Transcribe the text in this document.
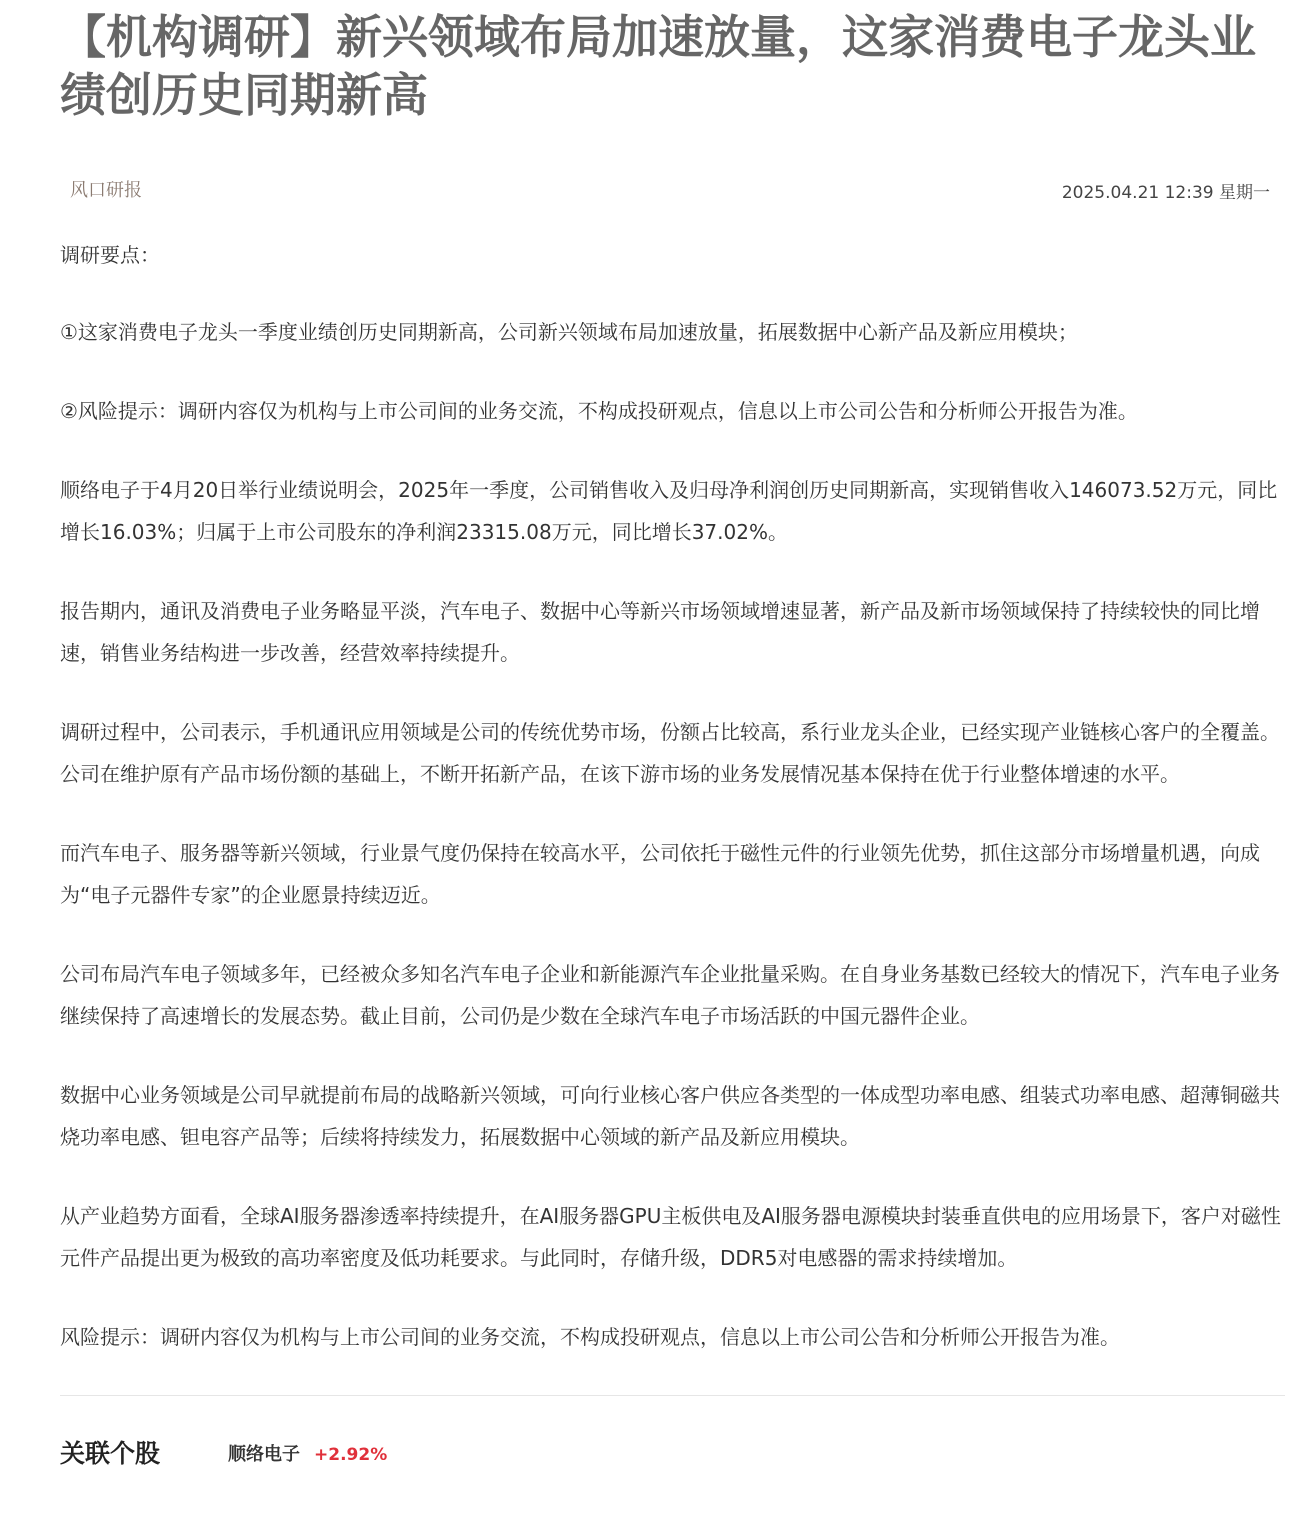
【机构调研】新兴领域布局加速放量，这家消费电子龙头业绩创历史同期新高
风口研报	2025.04.21 12:39 星期一

调研要点：

①这家消费电子龙头一季度业绩创历史同期新高，公司新兴领域布局加速放量，拓展数据中心新产品及新应用模块；

②风险提示：调研内容仅为机构与上市公司间的业务交流，不构成投研观点，信息以上市公司公告和分析师公开报告为准。

顺络电子于4月20日举行业绩说明会，2025年一季度，公司销售收入及归母净利润创历史同期新高，实现销售收入146073.52万元，同比增长16.03%；归属于上市公司股东的净利润23315.08万元，同比增长37.02%。

报告期内，通讯及消费电子业务略显平淡，汽车电子、数据中心等新兴市场领域增速显著，新产品及新市场领域保持了持续较快的同比增速，销售业务结构进一步改善，经营效率持续提升。

调研过程中，公司表示，手机通讯应用领域是公司的传统优势市场，份额占比较高，系行业龙头企业，已经实现产业链核心客户的全覆盖。公司在维护原有产品市场份额的基础上，不断开拓新产品，在该下游市场的业务发展情况基本保持在优于行业整体增速的水平。

而汽车电子、服务器等新兴领域，行业景气度仍保持在较高水平，公司依托于磁性元件的行业领先优势，抓住这部分市场增量机遇，向成为“电子元器件专家”的企业愿景持续迈近。

公司布局汽车电子领域多年，已经被众多知名汽车电子企业和新能源汽车企业批量采购。在自身业务基数已经较大的情况下，汽车电子业务继续保持了高速增长的发展态势。截止目前，公司仍是少数在全球汽车电子市场活跃的中国元器件企业。

数据中心业务领域是公司早就提前布局的战略新兴领域，可向行业核心客户供应各类型的一体成型功率电感、组装式功率电感、超薄铜磁共烧功率电感、钽电容产品等；后续将持续发力，拓展数据中心领域的新产品及新应用模块。

从产业趋势方面看，全球AI服务器渗透率持续提升，在AI服务器GPU主板供电及AI服务器电源模块封装垂直供电的应用场景下，客户对磁性元件产品提出更为极致的高功率密度及低功耗要求。与此同时，存储升级，DDR5对电感器的需求持续增加。

风险提示：调研内容仅为机构与上市公司间的业务交流，不构成投研观点，信息以上市公司公告和分析师公开报告为准。

关联个股	顺络电子 +2.92%
